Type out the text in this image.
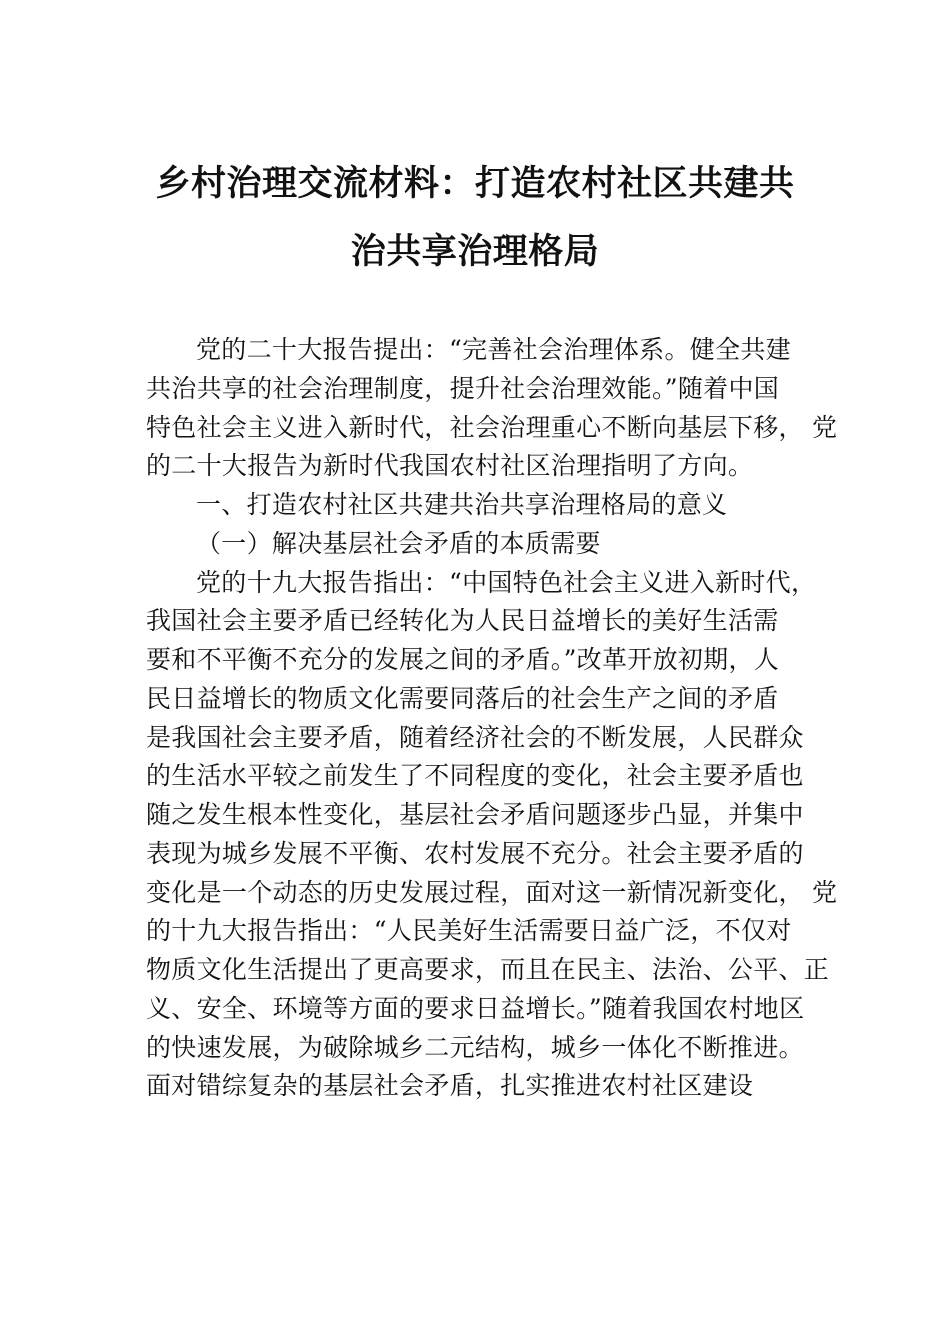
乡村治理交流材料：打造农村社区共建共
治共享治理格局
党的二十大报告提出：“完善社会治理体系。健全共建
共治共享的社会治理制度，提升社会治理效能。”随着中国
特色社会主义进入新时代，社会治理重心不断向基层下移， 党
的二十大报告为新时代我国农村社区治理指明了方向。
一、打造农村社区共建共治共享治理格局的意义
（一）解决基层社会矛盾的本质需要
党的十九大报告指出：“中国特色社会主义进入新时代，
我国社会主要矛盾已经转化为人民日益增长的美好生活需
要和不平衡不充分的发展之间的矛盾。”改革开放初期，人
民日益增长的物质文化需要同落后的社会生产之间的矛盾
是我国社会主要矛盾，随着经济社会的不断发展，人民群众
的生活水平较之前发生了不同程度的变化，社会主要矛盾也
随之发生根本性变化，基层社会矛盾问题逐步凸显，并集中
表现为城乡发展不平衡、农村发展不充分。社会主要矛盾的
变化是一个动态的历史发展过程，面对这一新情况新变化， 党
的十九大报告指出：“人民美好生活需要日益广泛，不仅对
物质文化生活提出了更高要求，而且在民主、法治、公平、正
义、安全、环境等方面的要求日益增长。”随着我国农村地区
的快速发展，为破除城乡二元结构，城乡一体化不断推进。
面对错综复杂的基层社会矛盾，扎实推进农村社区建设
